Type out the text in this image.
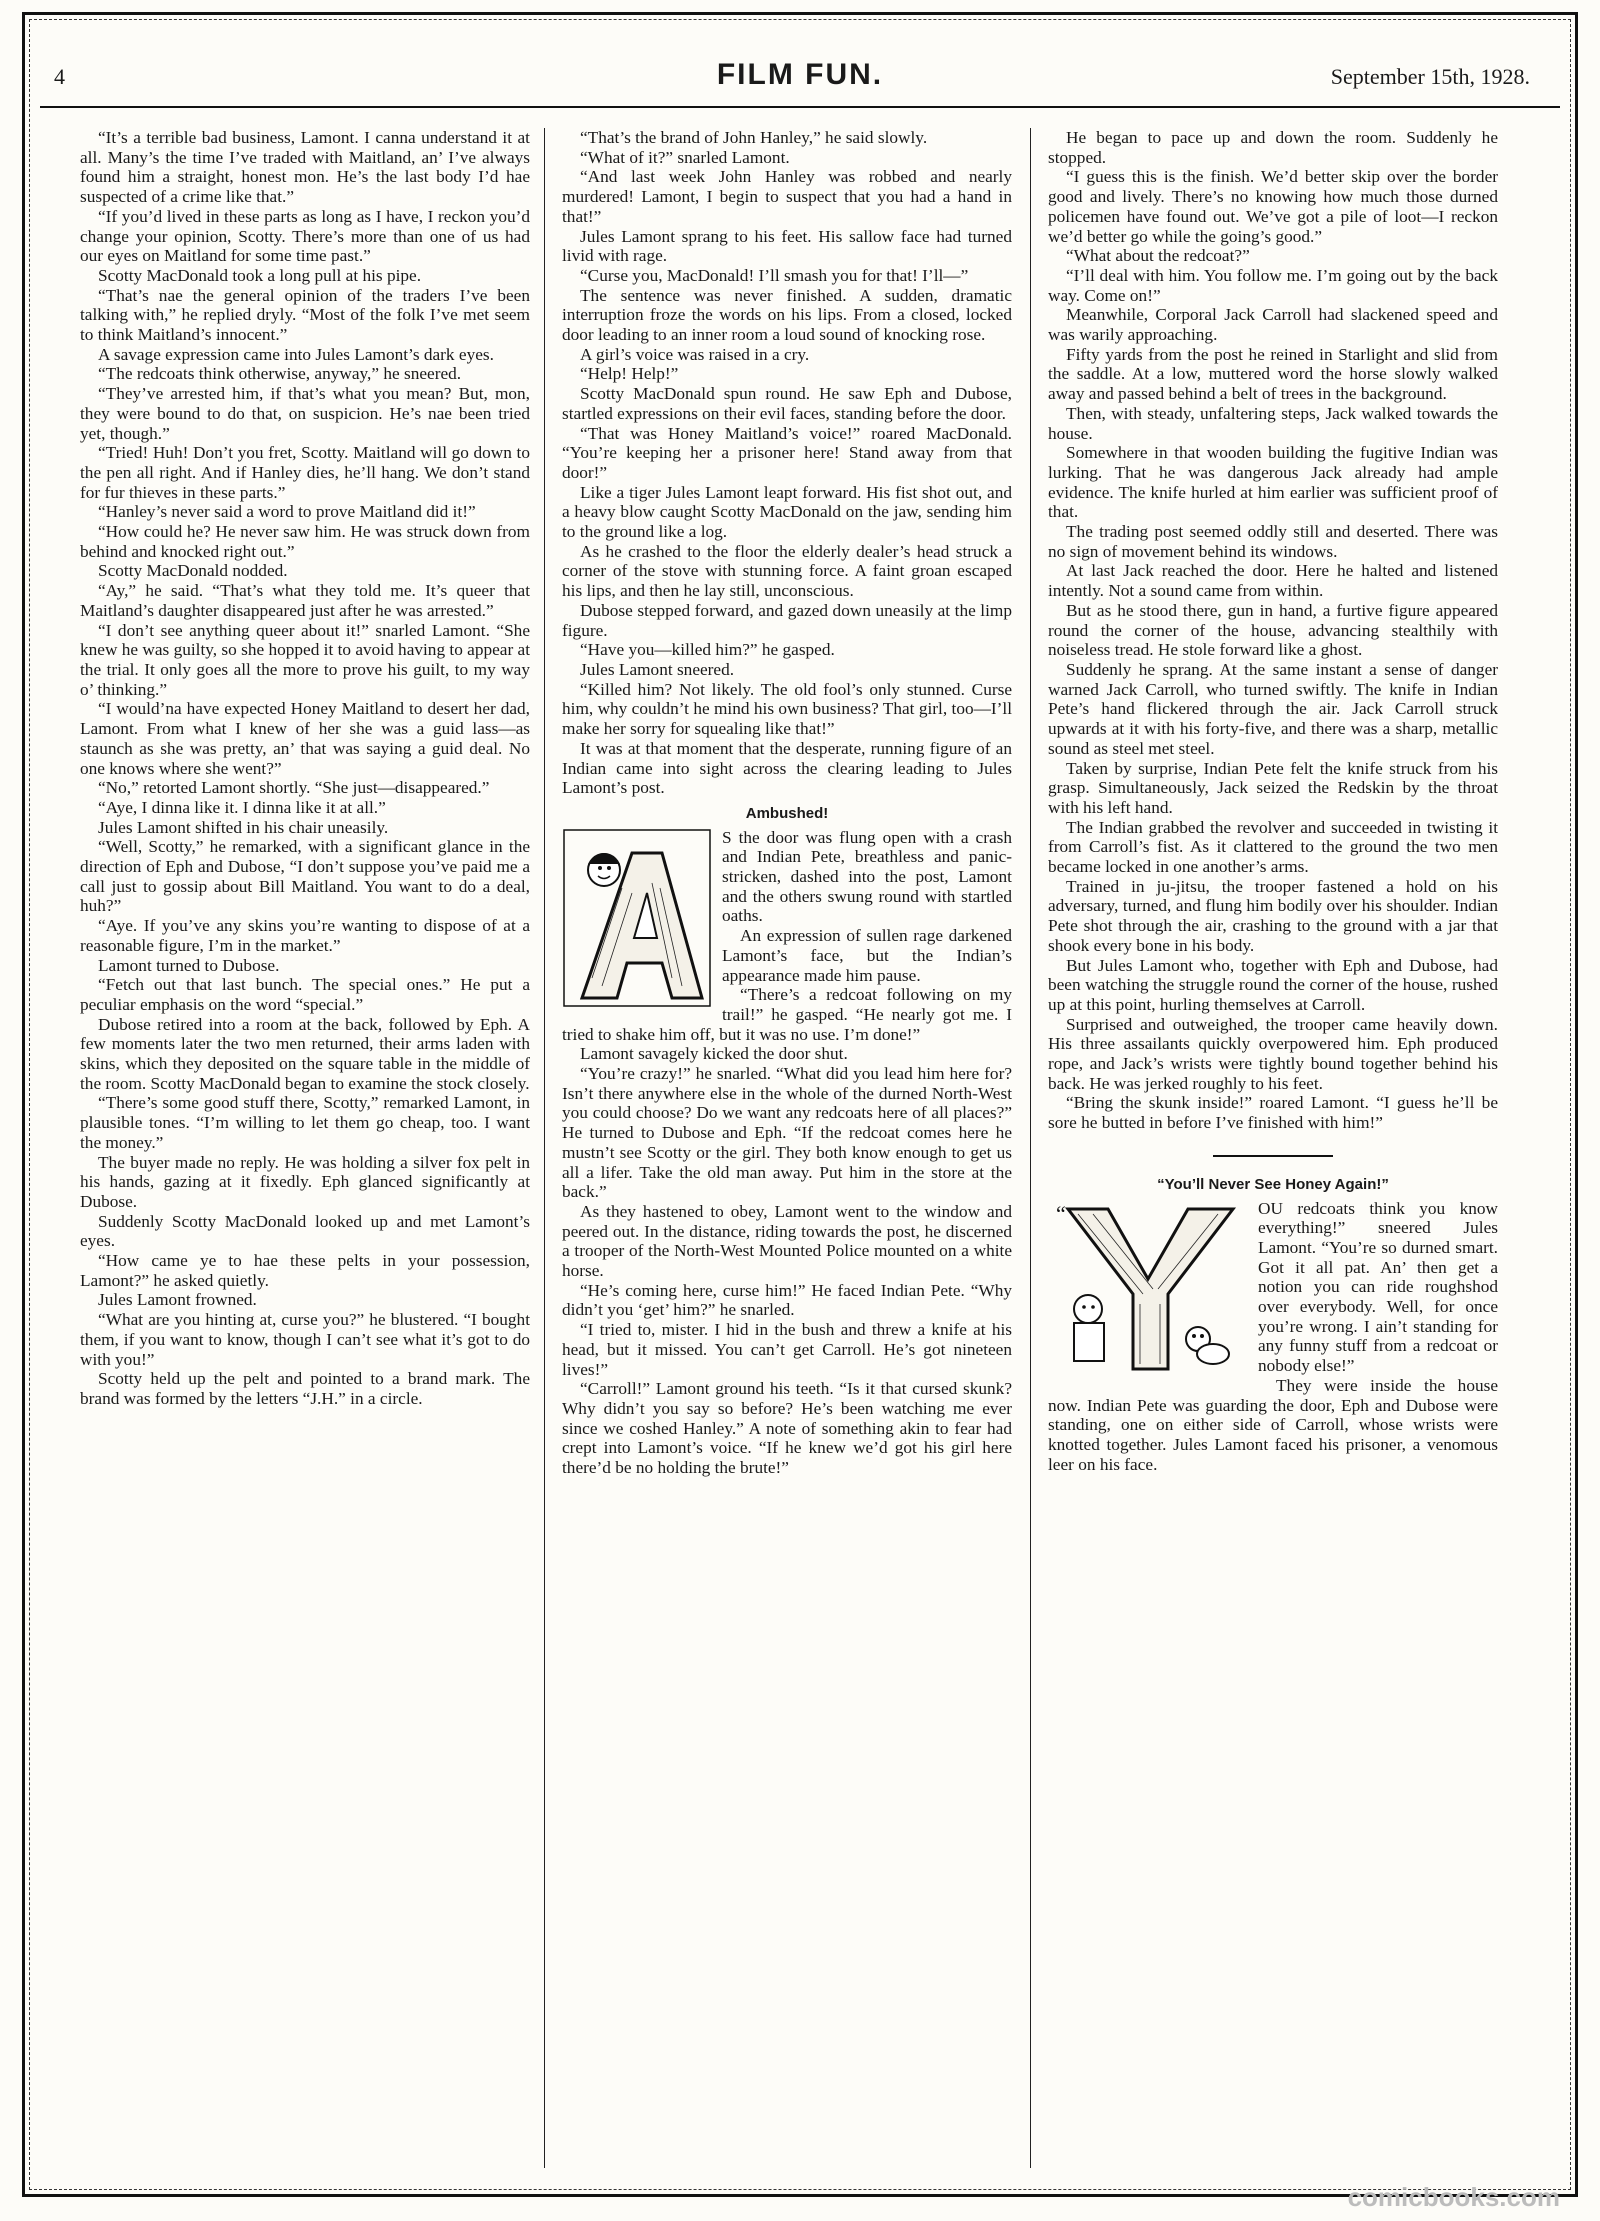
4	FILM FUN.	September 15th, 1928.

“It’s a terrible bad business, Lamont. I canna understand it at all. Many’s the time I’ve traded with Maitland, an’ I’ve always found him a straight, honest mon. He’s the last body I’d hae suspected of a crime like that.”

“If you’d lived in these parts as long as I have, I reckon you’d change your opinion, Scotty. There’s more than one of us had our eyes on Maitland for some time past.”

Scotty MacDonald took a long pull at his pipe.

“That’s nae the general opinion of the traders I’ve been talking with,” he replied dryly. “Most of the folk I’ve met seem to think Maitland’s innocent.”

A savage expression came into Jules Lamont’s dark eyes.

“The redcoats think otherwise, anyway,” he sneered.

“They’ve arrested him, if that’s what you mean? But, mon, they were bound to do that, on suspicion. He’s nae been tried yet, though.”

“Tried! Huh! Don’t you fret, Scotty. Maitland will go down to the pen all right. And if Hanley dies, he’ll hang. We don’t stand for fur thieves in these parts.”

“Hanley’s never said a word to prove Maitland did it!”

“How could he? He never saw him. He was struck down from behind and knocked right out.”

Scotty MacDonald nodded.

“Ay,” he said. “That’s what they told me. It’s queer that Maitland’s daughter disappeared just after he was arrested.”

“I don’t see anything queer about it!” snarled Lamont. “She knew he was guilty, so she hopped it to avoid having to appear at the trial. It only goes all the more to prove his guilt, to my way o’ thinking.”

“I would’na have expected Honey Maitland to desert her dad, Lamont. From what I knew of her she was a guid lass—as staunch as she was pretty, an’ that was saying a guid deal. No one knows where she went?”

“No,” retorted Lamont shortly. “She just—disappeared.”

“Aye, I dinna like it. I dinna like it at all.”

Jules Lamont shifted in his chair uneasily.

“Well, Scotty,” he remarked, with a significant glance in the direction of Eph and Dubose, “I don’t suppose you’ve paid me a call just to gossip about Bill Maitland. You want to do a deal, huh?”

“Aye. If you’ve any skins you’re wanting to dispose of at a reasonable figure, I’m in the market.”

Lamont turned to Dubose.

“Fetch out that last bunch. The special ones.” He put a peculiar emphasis on the word “special.”

Dubose retired into a room at the back, followed by Eph. A few moments later the two men returned, their arms laden with skins, which they deposited on the square table in the middle of the room. Scotty MacDonald began to examine the stock closely.

“There’s some good stuff there, Scotty,” remarked Lamont, in plausible tones. “I’m willing to let them go cheap, too. I want the money.”

The buyer made no reply. He was holding a silver fox pelt in his hands, gazing at it fixedly. Eph glanced significantly at Dubose.

Suddenly Scotty MacDonald looked up and met Lamont’s eyes.

“How came ye to hae these pelts in your possession, Lamont?” he asked quietly.

Jules Lamont frowned.

“What are you hinting at, curse you?” he blustered. “I bought them, if you want to know, though I can’t see what it’s got to do with you!”

Scotty held up the pelt and pointed to a brand mark. The brand was formed by the letters “J.H.” in a circle.

“That’s the brand of John Hanley,” he said slowly.

“What of it?” snarled Lamont.

“And last week John Hanley was robbed and nearly murdered! Lamont, I begin to suspect that you had a hand in that!”

Jules Lamont sprang to his feet. His sallow face had turned livid with rage.

“Curse you, MacDonald! I’ll smash you for that! I’ll—”

The sentence was never finished. A sudden, dramatic interruption froze the words on his lips. From a closed, locked door leading to an inner room a loud sound of knocking rose.

A girl’s voice was raised in a cry.

“Help! Help!”

Scotty MacDonald spun round. He saw Eph and Dubose, startled expressions on their evil faces, standing before the door.

“That was Honey Maitland’s voice!” roared MacDonald. “You’re keeping her a prisoner here! Stand away from that door!”

Like a tiger Jules Lamont leapt forward. His fist shot out, and a heavy blow caught Scotty MacDonald on the jaw, sending him to the ground like a log.

As he crashed to the floor the elderly dealer’s head struck a corner of the stove with stunning force. A faint groan escaped his lips, and then he lay still, unconscious.

Dubose stepped forward, and gazed down uneasily at the limp figure.

“Have you—killed him?” he gasped.

Jules Lamont sneered.

“Killed him? Not likely. The old fool’s only stunned. Curse him, why couldn’t he mind his own business? That girl, too—I’ll make her sorry for squealing like that!”

It was at that moment that the desperate, running figure of an Indian came into sight across the clearing leading to Jules Lamont’s post.

Ambushed!

S the door was flung open with a crash and Indian Pete, breathless and panic-stricken, dashed into the post, Lamont and the others swung round with startled oaths.

An expression of sullen rage darkened Lamont’s face, but the Indian’s appearance made him pause.

“There’s a redcoat following on my trail!” he gasped. “He nearly got me. I tried to shake him off, but it was no use. I’m done!”

Lamont savagely kicked the door shut.

“You’re crazy!” he snarled. “What did you lead him here for? Isn’t there anywhere else in the whole of the durned North-West you could choose? Do we want any redcoats here of all places?” He turned to Dubose and Eph. “If the redcoat comes here he mustn’t see Scotty or the girl. They both know enough to get us all a lifer. Take the old man away. Put him in the store at the back.”

As they hastened to obey, Lamont went to the window and peered out. In the distance, riding towards the post, he discerned a trooper of the North-West Mounted Police mounted on a white horse.

“He’s coming here, curse him!” He faced Indian Pete. “Why didn’t you ‘get’ him?” he snarled.

“I tried to, mister. I hid in the bush and threw a knife at his head, but it missed. You can’t get Carroll. He’s got nineteen lives!”

“Carroll!” Lamont ground his teeth. “Is it that cursed skunk? Why didn’t you say so before? He’s been watching me ever since we coshed Hanley.” A note of something akin to fear had crept into Lamont’s voice. “If he knew we’d got his girl here there’d be no holding the brute!”

He began to pace up and down the room. Suddenly he stopped.

“I guess this is the finish. We’d better skip over the border good and lively. There’s no knowing how much those durned policemen have found out. We’ve got a pile of loot—I reckon we’d better go while the going’s good.”

“What about the redcoat?”

“I’ll deal with him. You follow me. I’m going out by the back way. Come on!”

Meanwhile, Corporal Jack Carroll had slackened speed and was warily approaching.

Fifty yards from the post he reined in Starlight and slid from the saddle. At a low, muttered word the horse slowly walked away and passed behind a belt of trees in the background.

Then, with steady, unfaltering steps, Jack walked towards the house.

Somewhere in that wooden building the fugitive Indian was lurking. That he was dangerous Jack already had ample evidence. The knife hurled at him earlier was sufficient proof of that.

The trading post seemed oddly still and deserted. There was no sign of movement behind its windows.

At last Jack reached the door. Here he halted and listened intently. Not a sound came from within.

But as he stood there, gun in hand, a furtive figure appeared round the corner of the house, advancing stealthily with noiseless tread. He stole forward like a ghost.

Suddenly he sprang. At the same instant a sense of danger warned Jack Carroll, who turned swiftly. The knife in Indian Pete’s hand flickered through the air. Jack Carroll struck upwards at it with his forty-five, and there was a sharp, metallic sound as steel met steel.

Taken by surprise, Indian Pete felt the knife struck from his grasp. Simultaneously, Jack seized the Redskin by the throat with his left hand.

The Indian grabbed the revolver and succeeded in twisting it from Carroll’s fist. As it clattered to the ground the two men became locked in one another’s arms.

Trained in ju-jitsu, the trooper fastened a hold on his adversary, turned, and flung him bodily over his shoulder. Indian Pete shot through the air, crashing to the ground with a jar that shook every bone in his body.

But Jules Lamont who, together with Eph and Dubose, had been watching the struggle round the corner of the house, rushed up at this point, hurling themselves at Carroll.

Surprised and outweighed, the trooper came heavily down. His three assailants quickly overpowered him. Eph produced rope, and Jack’s wrists were tightly bound together behind his back. He was jerked roughly to his feet.

“Bring the skunk inside!” roared Lamont. “I guess he’ll be sore he butted in before I’ve finished with him!”

“You’ll Never See Honey Again!”
“	OU redcoats think you know everything!” sneered Jules Lamont. “You’re so durned smart. Got it all pat. An’ then get a notion you can ride roughshod over everybody. Well, for once you’re wrong. I ain’t standing for any funny stuff from a redcoat or nobody else!”

They were inside the house now. Indian Pete was guarding the door, Eph and Dubose were standing, one on either side of Carroll, whose wrists were knotted together. Jules Lamont faced his prisoner, a venomous leer on his face.

comicbooks.com
